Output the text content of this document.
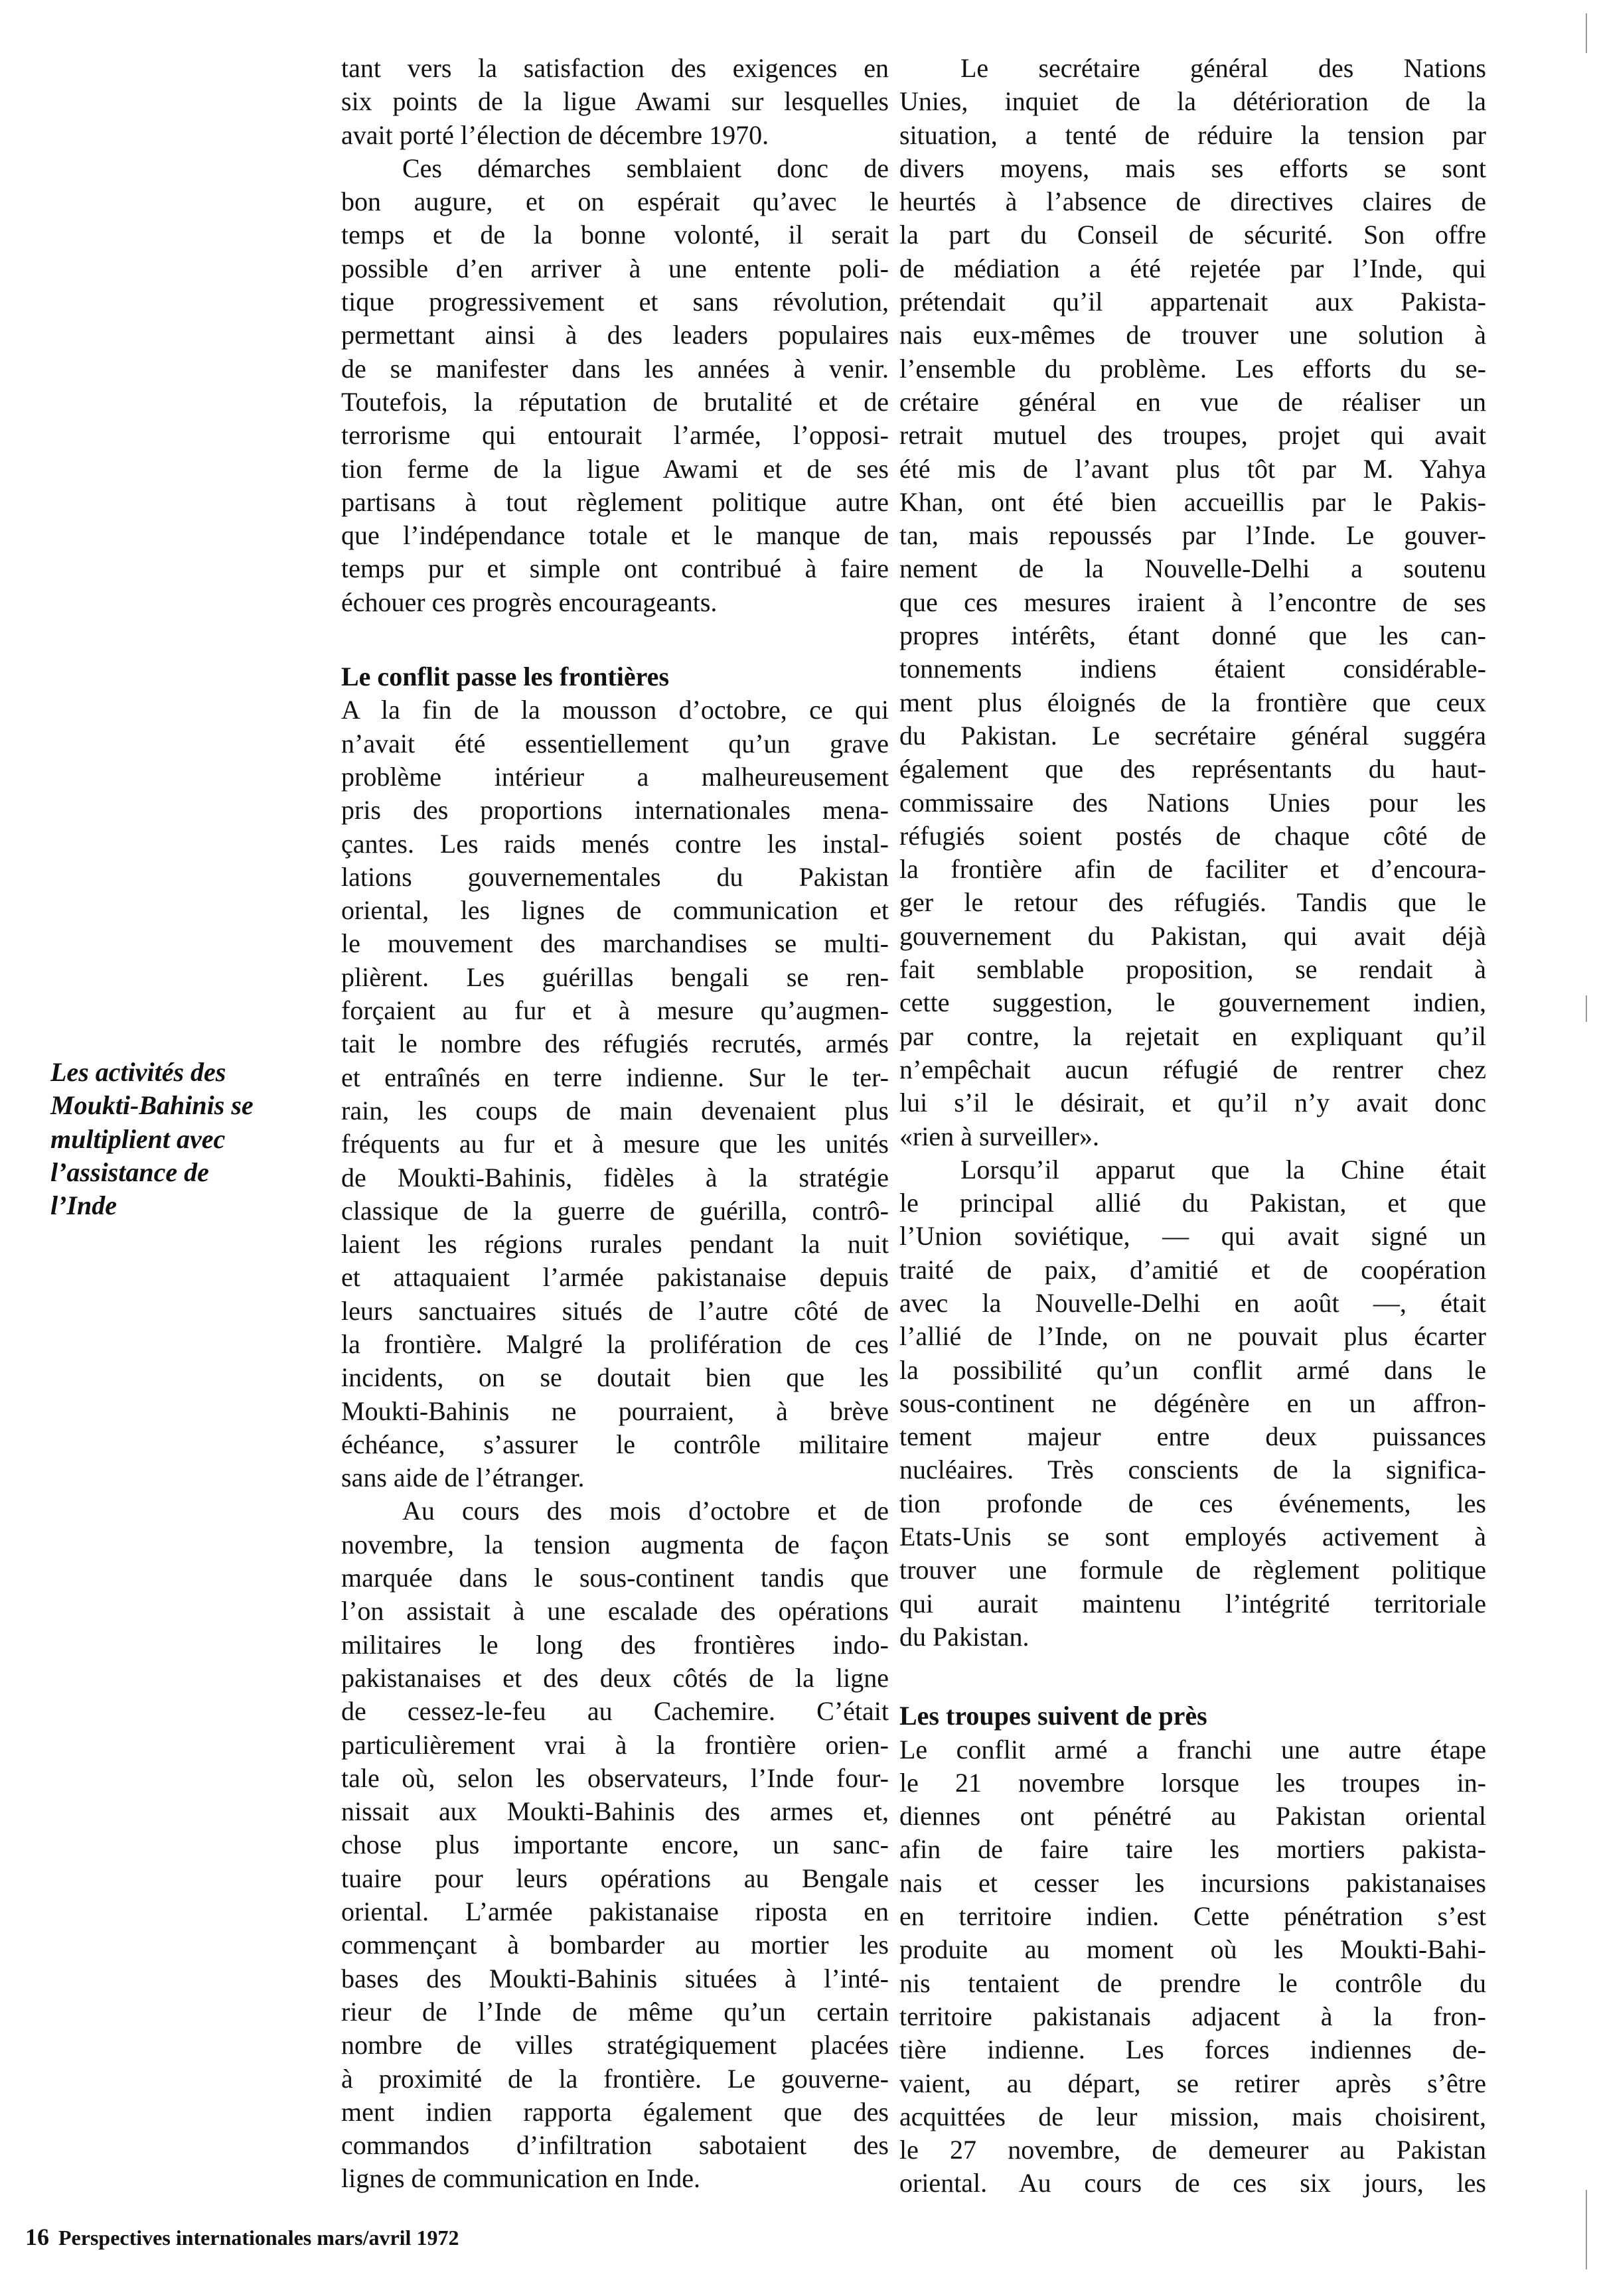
tant vers la satisfaction des exigences en
six points de la ligue Awami sur lesquelles
avait porté l’élection de décembre 1970.
Ces démarches semblaient donc de
bon augure, et on espérait qu’avec le
temps et de la bonne volonté, il serait
possible d’en arriver à une entente poli-
tique progressivement et sans révolution,
permettant ainsi à des leaders populaires
de se manifester dans les années à venir.
Toutefois, la réputation de brutalité et de
terrorisme qui entourait l’armée, l’opposi-
tion ferme de la ligue Awami et de ses
partisans à tout règlement politique autre
que l’indépendance totale et le manque de
temps pur et simple ont contribué à faire
échouer ces progrès encourageants.
Le conflit passe les frontières
A la fin de la mousson d’octobre, ce qui
n’avait été essentiellement qu’un grave
problème intérieur a malheureusement
pris des proportions internationales mena-
çantes. Les raids menés contre les instal-
lations gouvernementales du Pakistan
oriental, les lignes de communication et
le mouvement des marchandises se multi-
plièrent. Les guérillas bengali se ren-
forçaient au fur et à mesure qu’augmen-
tait le nombre des réfugiés recrutés, armés
et entraînés en terre indienne. Sur le ter-
rain, les coups de main devenaient plus
fréquents au fur et à mesure que les unités
de Moukti-Bahinis, fidèles à la stratégie
classique de la guerre de guérilla, contrô-
laient les régions rurales pendant la nuit
et attaquaient l’armée pakistanaise depuis
leurs sanctuaires situés de l’autre côté de
la frontière. Malgré la prolifération de ces
incidents, on se doutait bien que les
Moukti-Bahinis ne pourraient, à brève
échéance, s’assurer le contrôle militaire
sans aide de l’étranger.
Au cours des mois d’octobre et de
novembre, la tension augmenta de façon
marquée dans le sous-continent tandis que
l’on assistait à une escalade des opérations
militaires le long des frontières indo-
pakistanaises et des deux côtés de la ligne
de cessez-le-feu au Cachemire. C’était
particulièrement vrai à la frontière orien-
tale où, selon les observateurs, l’Inde four-
nissait aux Moukti-Bahinis des armes et,
chose plus importante encore, un sanc-
tuaire pour leurs opérations au Bengale
oriental. L’armée pakistanaise riposta en
commençant à bombarder au mortier les
bases des Moukti-Bahinis situées à l’inté-
rieur de l’Inde de même qu’un certain
nombre de villes stratégiquement placées
à proximité de la frontière. Le gouverne-
ment indien rapporta également que des
commandos d’infiltration sabotaient des
lignes de communication en Inde.
Le secrétaire général des Nations
Unies, inquiet de la détérioration de la
situation, a tenté de réduire la tension par
divers moyens, mais ses efforts se sont
heurtés à l’absence de directives claires de
la part du Conseil de sécurité. Son offre
de médiation a été rejetée par l’Inde, qui
prétendait qu’il appartenait aux Pakista-
nais eux-mêmes de trouver une solution à
l’ensemble du problème. Les efforts du se-
crétaire général en vue de réaliser un
retrait mutuel des troupes, projet qui avait
été mis de l’avant plus tôt par M. Yahya
Khan, ont été bien accueillis par le Pakis-
tan, mais repoussés par l’Inde. Le gouver-
nement de la Nouvelle-Delhi a soutenu
que ces mesures iraient à l’encontre de ses
propres intérêts, étant donné que les can-
tonnements indiens étaient considérable-
ment plus éloignés de la frontière que ceux
du Pakistan. Le secrétaire général suggéra
également que des représentants du haut-
commissaire des Nations Unies pour les
réfugiés soient postés de chaque côté de
la frontière afin de faciliter et d’encoura-
ger le retour des réfugiés. Tandis que le
gouvernement du Pakistan, qui avait déjà
fait semblable proposition, se rendait à
cette suggestion, le gouvernement indien,
par contre, la rejetait en expliquant qu’il
n’empêchait aucun réfugié de rentrer chez
lui s’il le désirait, et qu’il n’y avait donc
«rien à surveiller».
Lorsqu’il apparut que la Chine était
le principal allié du Pakistan, et que
l’Union soviétique, — qui avait signé un
traité de paix, d’amitié et de coopération
avec la Nouvelle-Delhi en août —, était
l’allié de l’Inde, on ne pouvait plus écarter
la possibilité qu’un conflit armé dans le
sous-continent ne dégénère en un affron-
tement majeur entre deux puissances
nucléaires. Très conscients de la significa-
tion profonde de ces événements, les
Etats-Unis se sont employés activement à
trouver une formule de règlement politique
qui aurait maintenu l’intégrité territoriale
du Pakistan.
Les troupes suivent de près
Le conflit armé a franchi une autre étape
le 21 novembre lorsque les troupes in-
diennes ont pénétré au Pakistan oriental
afin de faire taire les mortiers pakista-
nais et cesser les incursions pakistanaises
en territoire indien. Cette pénétration s’est
produite au moment où les Moukti-Bahi-
nis tentaient de prendre le contrôle du
territoire pakistanais adjacent à la fron-
tière indienne. Les forces indiennes de-
vaient, au départ, se retirer après s’être
acquittées de leur mission, mais choisirent,
le 27 novembre, de demeurer au Pakistan
oriental. Au cours de ces six jours, les
Les activités des
Moukti-Bahinis se
multiplient avec
l’assistance de
l’Inde
16 Perspectives internationales mars/avril 1972
